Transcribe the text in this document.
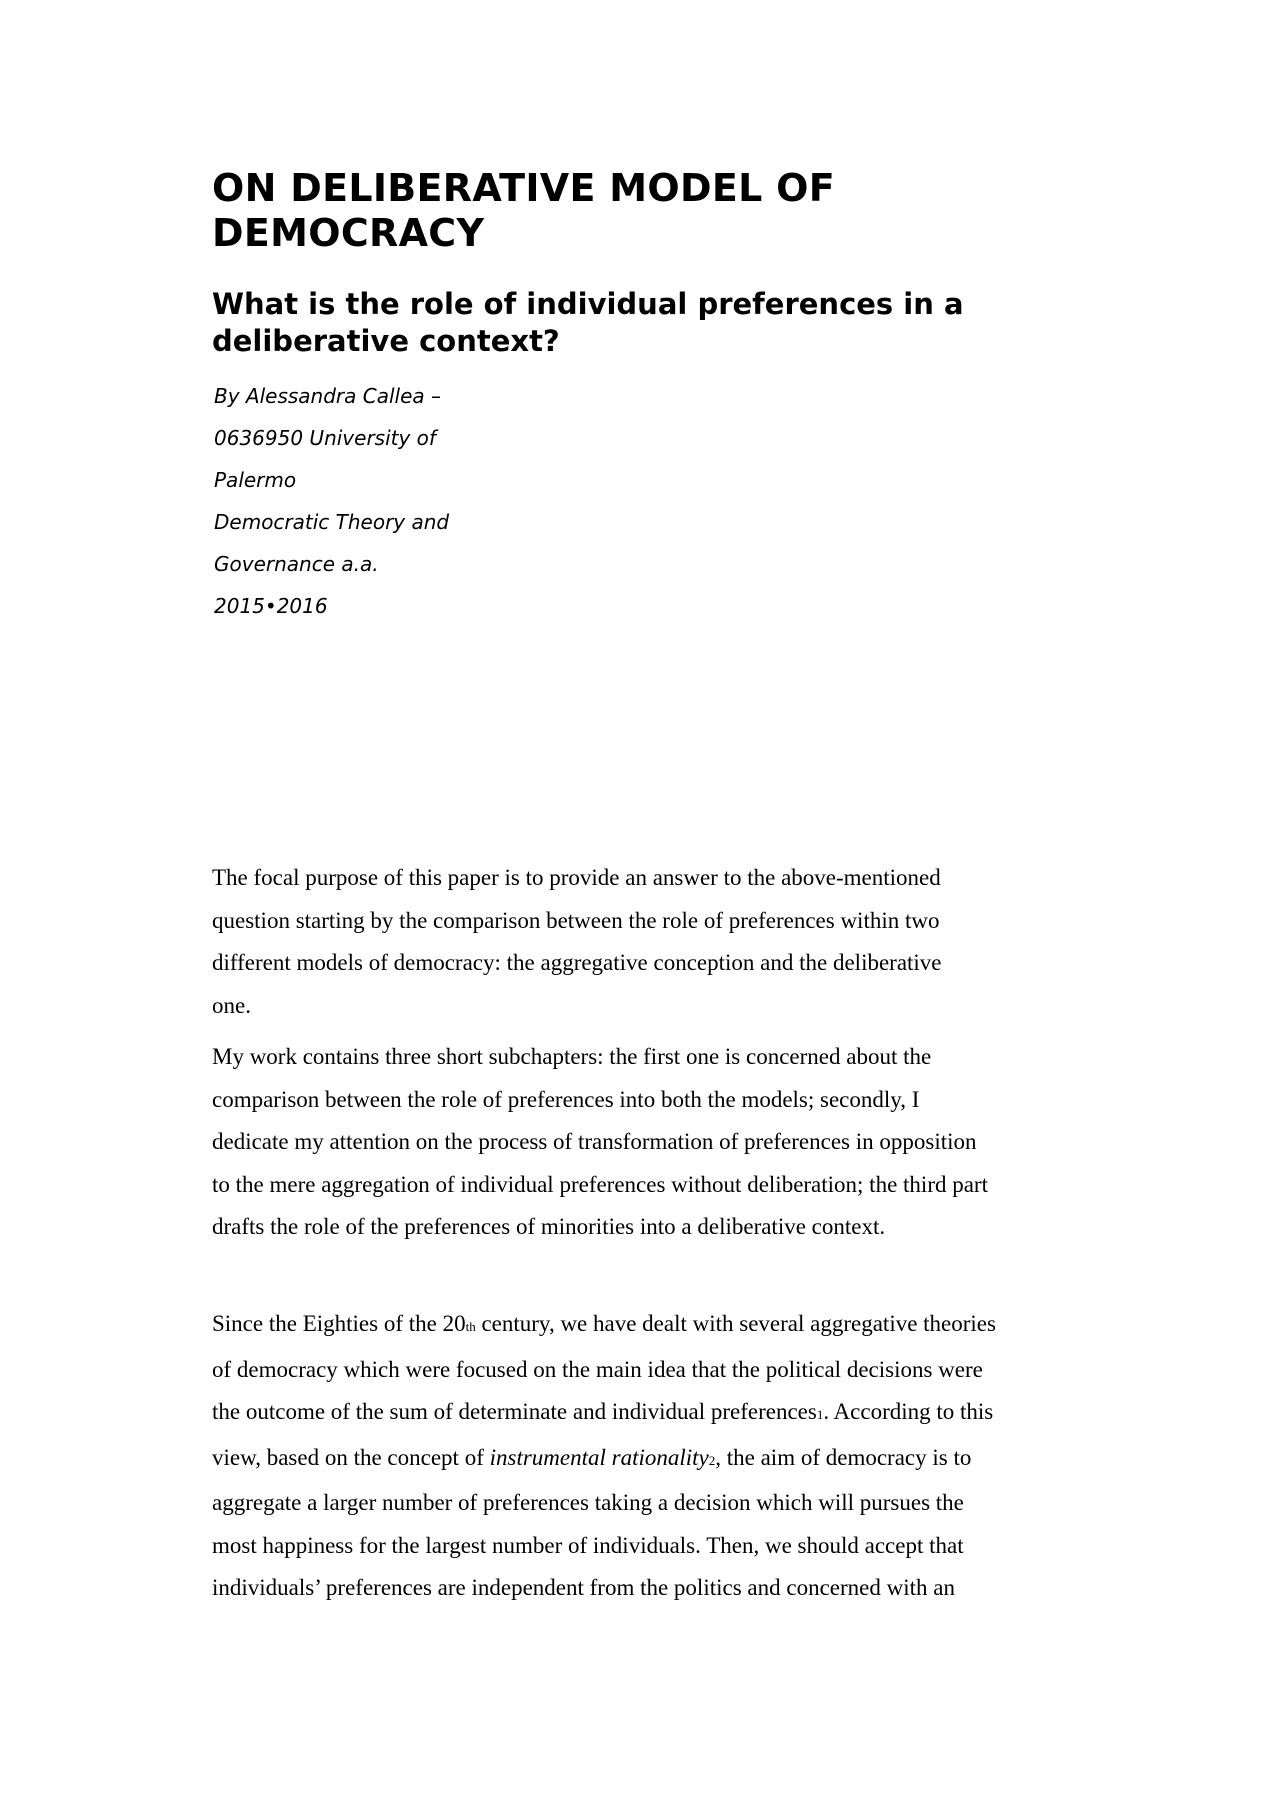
ON DELIBERATIVE MODEL OF
DEMOCRACY
What is the role of individual preferences in a
deliberative context?
By Alessandra Callea –
0636950 University of
Palermo
Democratic Theory and
Governance a.a.
2015•2016
The focal purpose of this paper is to provide an answer to the above-mentioned
question starting by the comparison between the role of preferences within two
different models of democracy: the aggregative conception and the deliberative
one.
My work contains three short subchapters: the first one is concerned about the
comparison between the role of preferences into both the models; secondly, I
dedicate my attention on the process of transformation of preferences in opposition
to the mere aggregation of individual preferences without deliberation; the third part
drafts the role of the preferences of minorities into a deliberative context.
Since the Eighties of the 20th century, we have dealt with several aggregative theories
of democracy which were focused on the main idea that the political decisions were
the outcome of the sum of determinate and individual preferences1. According to this
view, based on the concept of instrumental rationality2, the aim of democracy is to
aggregate a larger number of preferences taking a decision which will pursues the
most happiness for the largest number of individuals. Then, we should accept that
individuals’ preferences are independent from the politics and concerned with an
